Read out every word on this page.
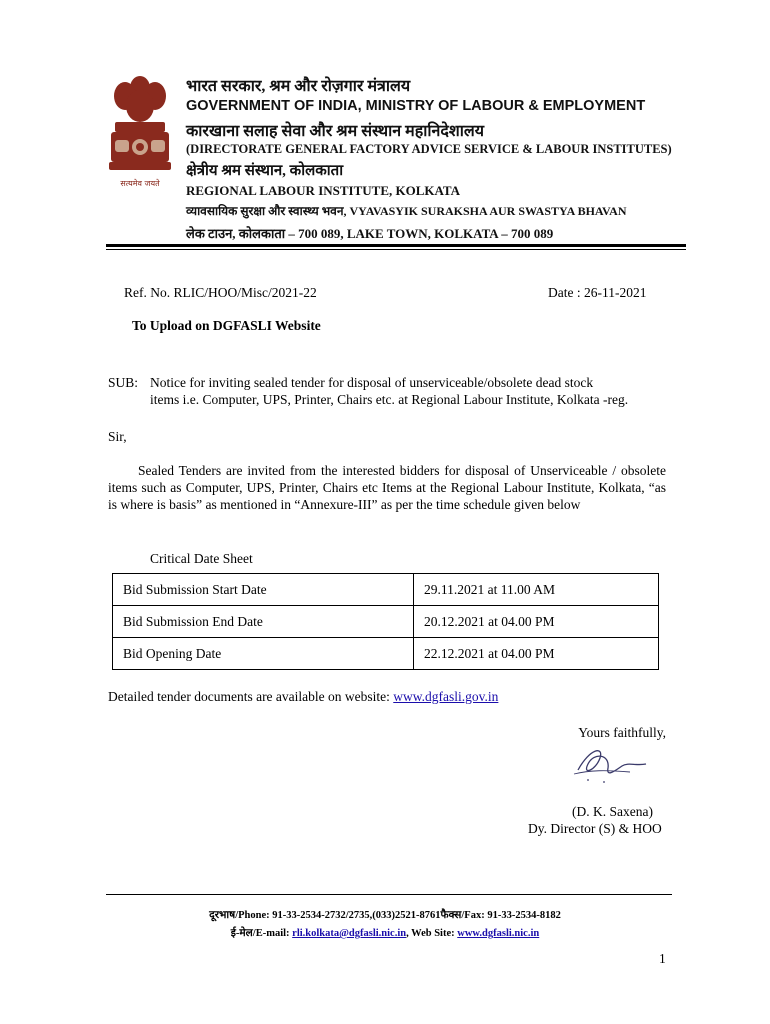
सत्यमेव जयते
भारत सरकार, श्रम और रोज़गार मंत्रालय
GOVERNMENT OF INDIA, MINISTRY OF LABOUR & EMPLOYMENT
कारखाना सलाह सेवा और श्रम संस्थान महानिदेशालय
(DIRECTORATE GENERAL FACTORY ADVICE SERVICE & LABOUR INSTITUTES)
क्षेत्रीय श्रम संस्थान, कोलकाता
REGIONAL LABOUR INSTITUTE, KOLKATA
व्यावसायिक सुरक्षा और स्वास्थ्य भवन, VYAVASYIK SURAKSHA AUR SWASTYA BHAVAN
लेक टाउन, कोलकाता – 700 089, LAKE TOWN, KOLKATA – 700 089
Ref. No. RLIC/HOO/Misc/2021-22	Date : 26-11-2021
To Upload on DGFASLI Website
SUB: Notice for inviting sealed tender for disposal of unserviceable/obsolete dead stock
items i.e. Computer, UPS, Printer, Chairs etc. at Regional Labour Institute, Kolkata -reg.
Sir,
Sealed Tenders are invited from the interested bidders for disposal of Unserviceable / obsolete items such as Computer, UPS, Printer, Chairs etc Items at the Regional Labour Institute, Kolkata, “as is where is basis” as mentioned in “Annexure-III” as per the time schedule given below
Critical Date Sheet
Bid Submission Start Date	29.11.2021 at 11.00 AM
Bid Submission End Date	20.12.2021 at 04.00 PM
Bid Opening Date	22.12.2021 at 04.00 PM
Detailed tender documents are available on website: www.dgfasli.gov.in
Yours faithfully,
(D. K. Saxena)
Dy. Director (S) & HOO
दूरभाष/Phone: 91-33-2534-2732/2735,(033)2521-8761फैक्स/Fax: 91-33-2534-8182
ई-मेल/E-mail: rli.kolkata@dgfasli.nic.in, Web Site: www.dgfasli.nic.in
1
